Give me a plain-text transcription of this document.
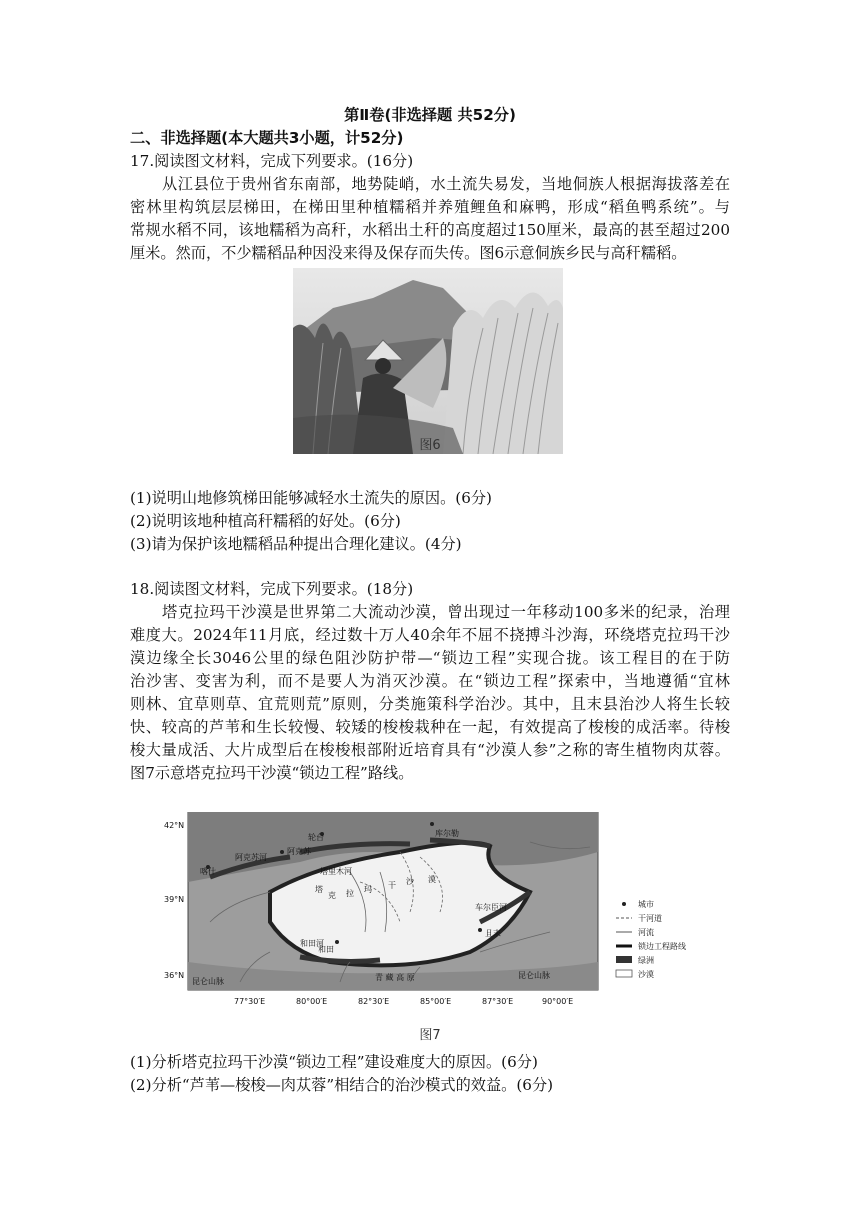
第Ⅱ卷(非选择题 共52分)
二、非选择题(本大题共3小题，计52分)
17.阅读图文材料，完成下列要求。(16分)
从江县位于贵州省东南部，地势陡峭，水土流失易发，当地侗族人根据海拔落差在
密林里构筑层层梯田，在梯田里种植糯稻并养殖鲤鱼和麻鸭，形成“稻鱼鸭系统”。与
常规水稻不同，该地糯稻为高秆，水稻出土秆的高度超过150厘米，最高的甚至超过200
厘米。然而，不少糯稻品种因没来得及保存而失传。图6示意侗族乡民与高秆糯稻。
图6
(1)说明山地修筑梯田能够减轻水土流失的原因。(6分)
(2)说明该地种植高秆糯稻的好处。(6分)
(3)请为保护该地糯稻品种提出合理化建议。(4分)
18.阅读图文材料，完成下列要求。(18分)
塔克拉玛干沙漠是世界第二大流动沙漠，曾出现过一年移动100多米的纪录，治理
难度大。2024年11月底，经过数十万人40余年不屈不挠搏斗沙海，环绕塔克拉玛干沙
漠边缘全长3046公里的绿色阻沙防护带—“锁边工程”实现合拢。该工程目的在于防
治沙害、变害为利，而不是要人为消灭沙漠。在“锁边工程”探索中，当地遵循“宜林
则林、宜草则草、宜荒则荒”原则，分类施策科学治沙。其中，且末县治沙人将生长较
快、较高的芦苇和生长较慢、较矮的梭梭栽种在一起，有效提高了梭梭的成活率。待梭
梭大量成活、大片成型后在梭梭根部附近培育具有“沙漠人参”之称的寄生植物肉苁蓉。
图7示意塔克拉玛干沙漠“锁边工程”路线。
42°N
39°N
36°N
77°30′E	80°00′E	82°30′E	85°00′E	87°30′E	90°00′E
轮台	库尔勒
阿克苏
阿克苏河
喀什	塔里木河
塔
克 拉 玛 干 沙 漠
车尔臣河
且末
和田河
和田
青 藏 高 原
昆仑山脉
昆仑山脉
城市
干河道
河流
锁边工程路线
绿洲
沙漠
图7
(1)分析塔克拉玛干沙漠“锁边工程”建设难度大的原因。(6分)
(2)分析“芦苇—梭梭—肉苁蓉”相结合的治沙模式的效益。(6分)
